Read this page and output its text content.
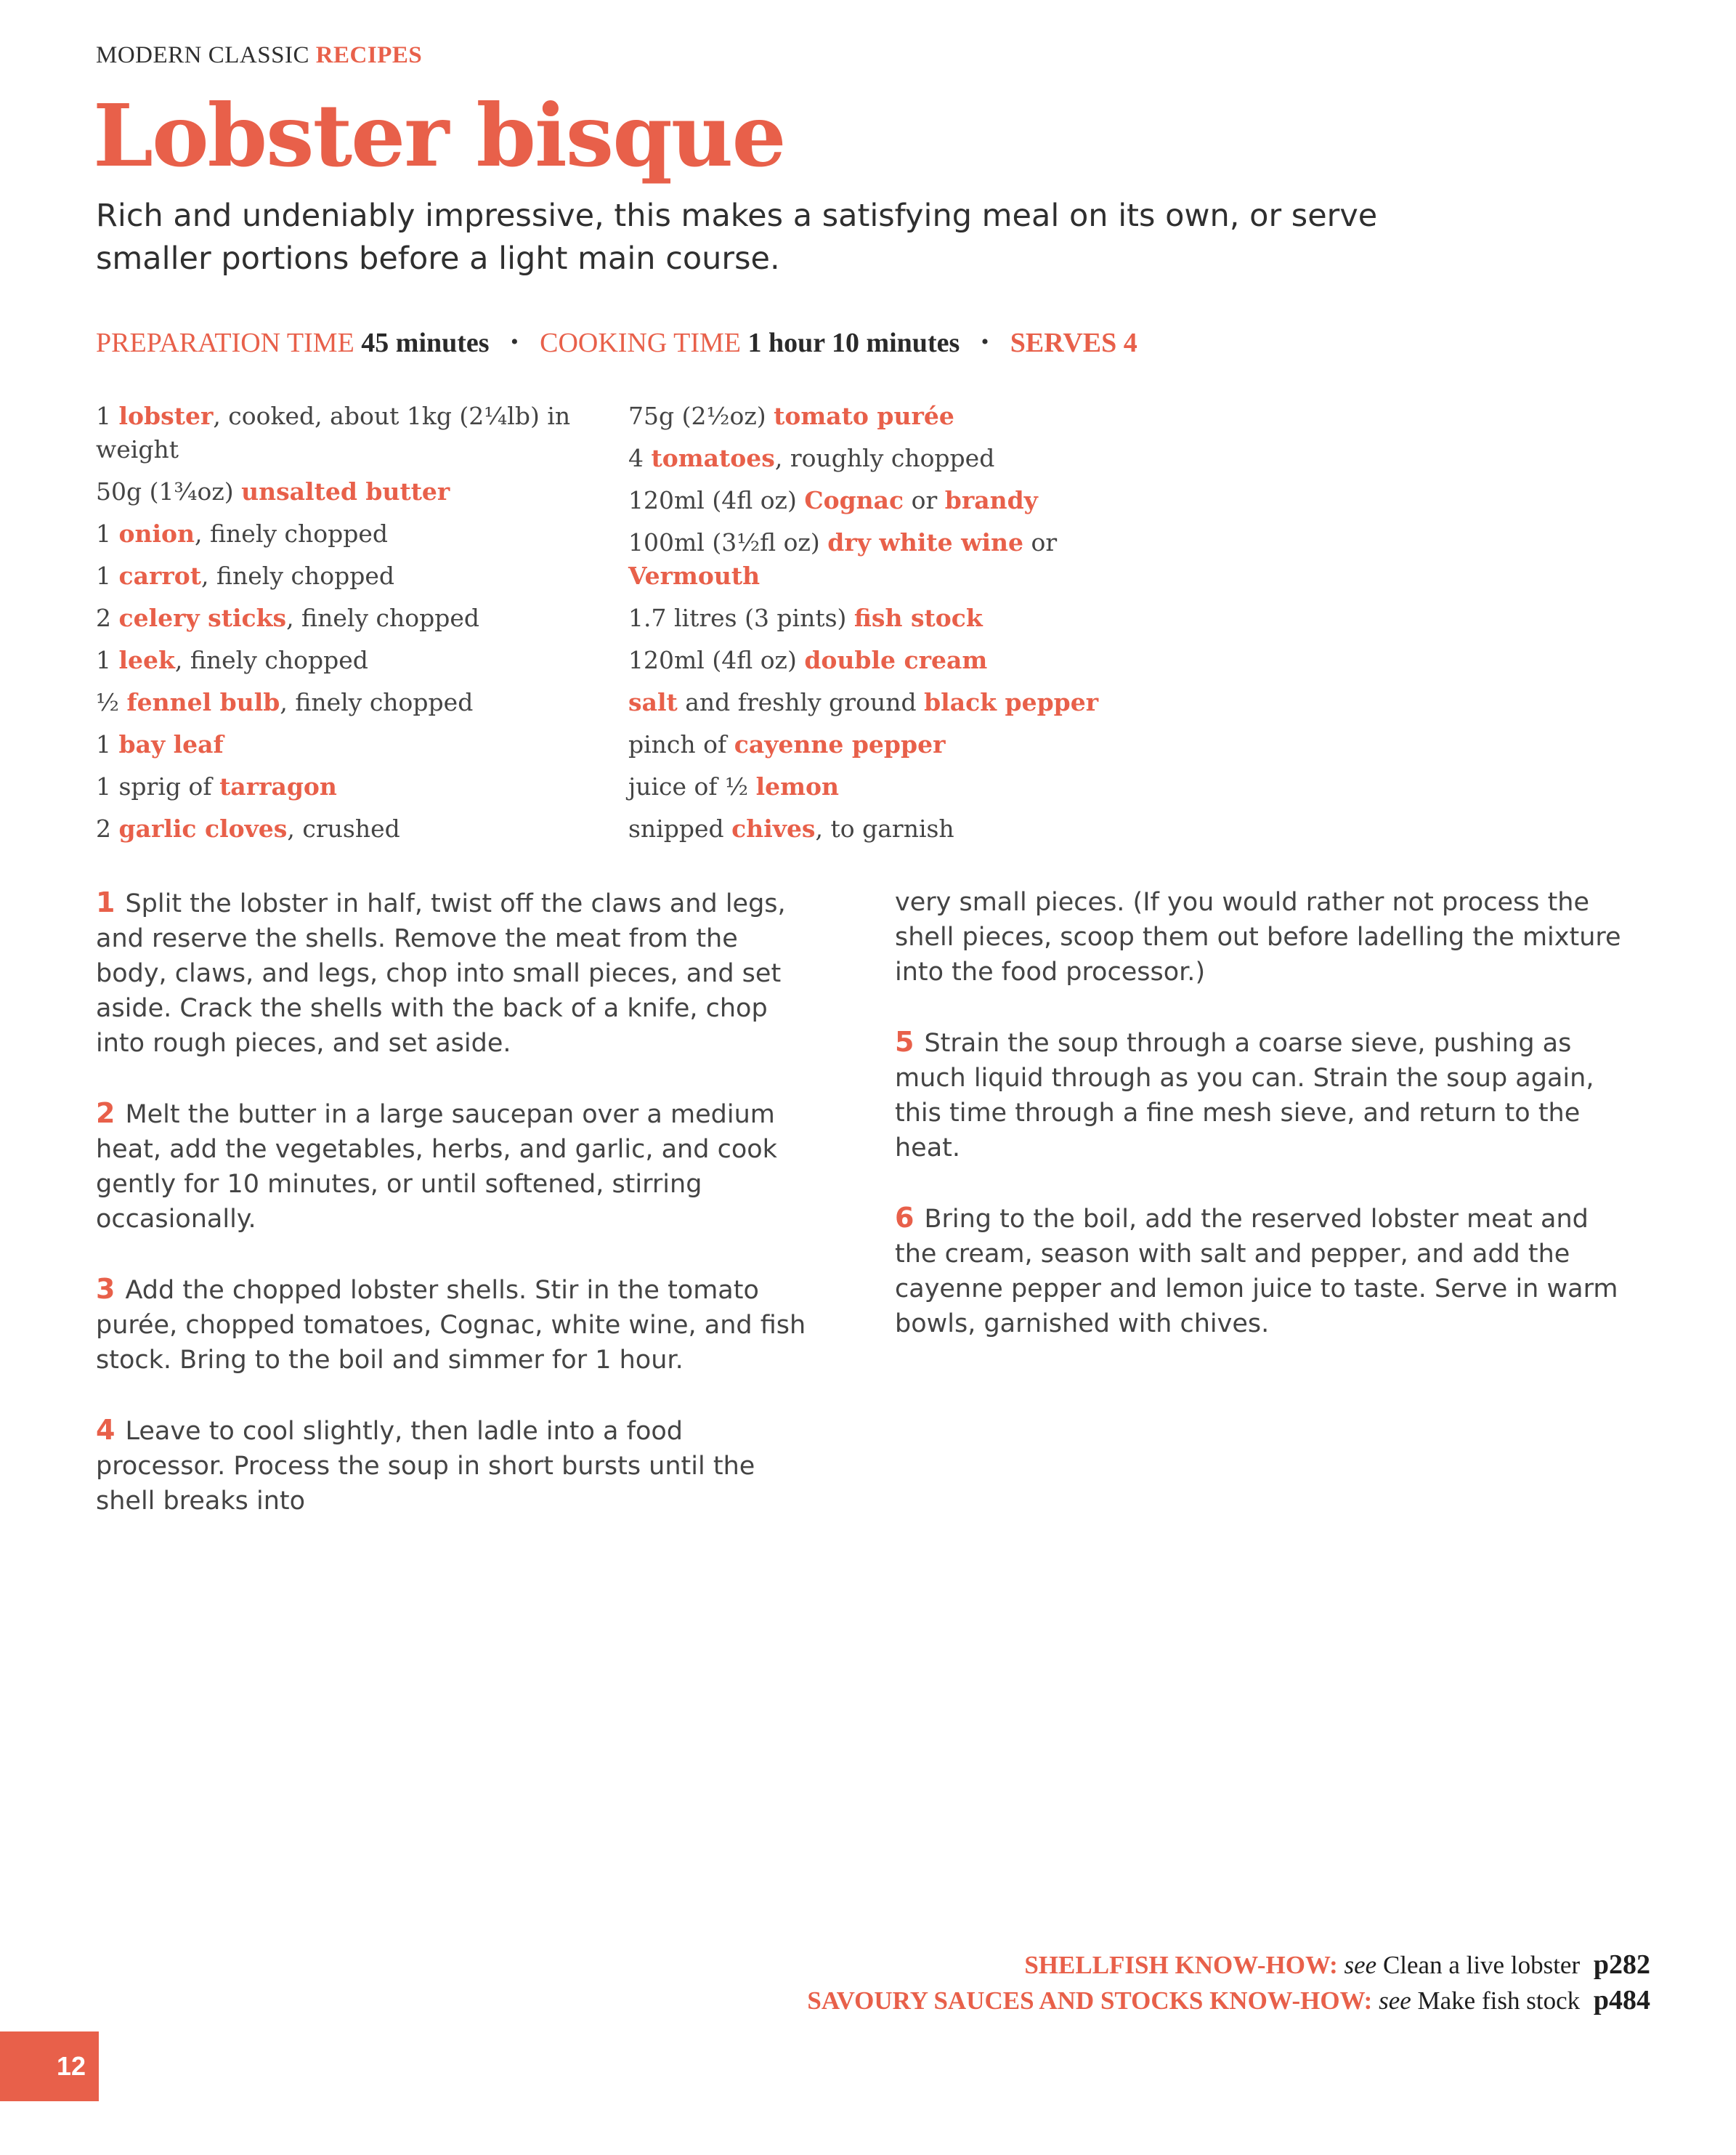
MODERN CLASSIC RECIPES
Lobster bisque

Rich and undeniably impressive, this makes a satisfying meal on its own, or serve smaller portions before a light main course.

PREPARATION TIME 45 minutes • COOKING TIME 1 hour 10 minutes • SERVES 4
1 lobster, cooked, about 1kg (2¼lb) in weight
50g (1¾oz) unsalted butter
1 onion, finely chopped
1 carrot, finely chopped
2 celery sticks, finely chopped
1 leek, finely chopped
½ fennel bulb, finely chopped
1 bay leaf
1 sprig of tarragon
2 garlic cloves, crushed
75g (2½oz) tomato purée
4 tomatoes, roughly chopped
120ml (4fl oz) Cognac or brandy
100ml (3½fl oz) dry white wine or Vermouth
1.7 litres (3 pints) fish stock
120ml (4fl oz) double cream
salt and freshly ground black pepper
pinch of cayenne pepper
juice of ½ lemon
snipped chives, to garnish

1 Split the lobster in half, twist off the claws and legs, and reserve the shells. Remove the meat from the body, claws, and legs, chop into small pieces, and set aside. Crack the shells with the back of a knife, chop into rough pieces, and set aside.

2 Melt the butter in a large saucepan over a medium heat, add the vegetables, herbs, and garlic, and cook gently for 10 minutes, or until softened, stirring occasionally.

3 Add the chopped lobster shells. Stir in the tomato purée, chopped tomatoes, Cognac, white wine, and fish stock. Bring to the boil and simmer for 1 hour.

4 Leave to cool slightly, then ladle into a food processor. Process the soup in short bursts until the shell breaks into

very small pieces. (If you would rather not process the shell pieces, scoop them out before ladelling the mixture into the food processor.)

5 Strain the soup through a coarse sieve, pushing as much liquid through as you can. Strain the soup again, this time through a fine mesh sieve, and return to the heat.

6 Bring to the boil, add the reserved lobster meat and the cream, season with salt and pepper, and add the cayenne pepper and lemon juice to taste. Serve in warm bowls, garnished with chives.

SHELLFISH KNOW-HOW: see Clean a live lobster p282
SAVOURY SAUCES AND STOCKS KNOW-HOW: see Make fish stock p484
12
